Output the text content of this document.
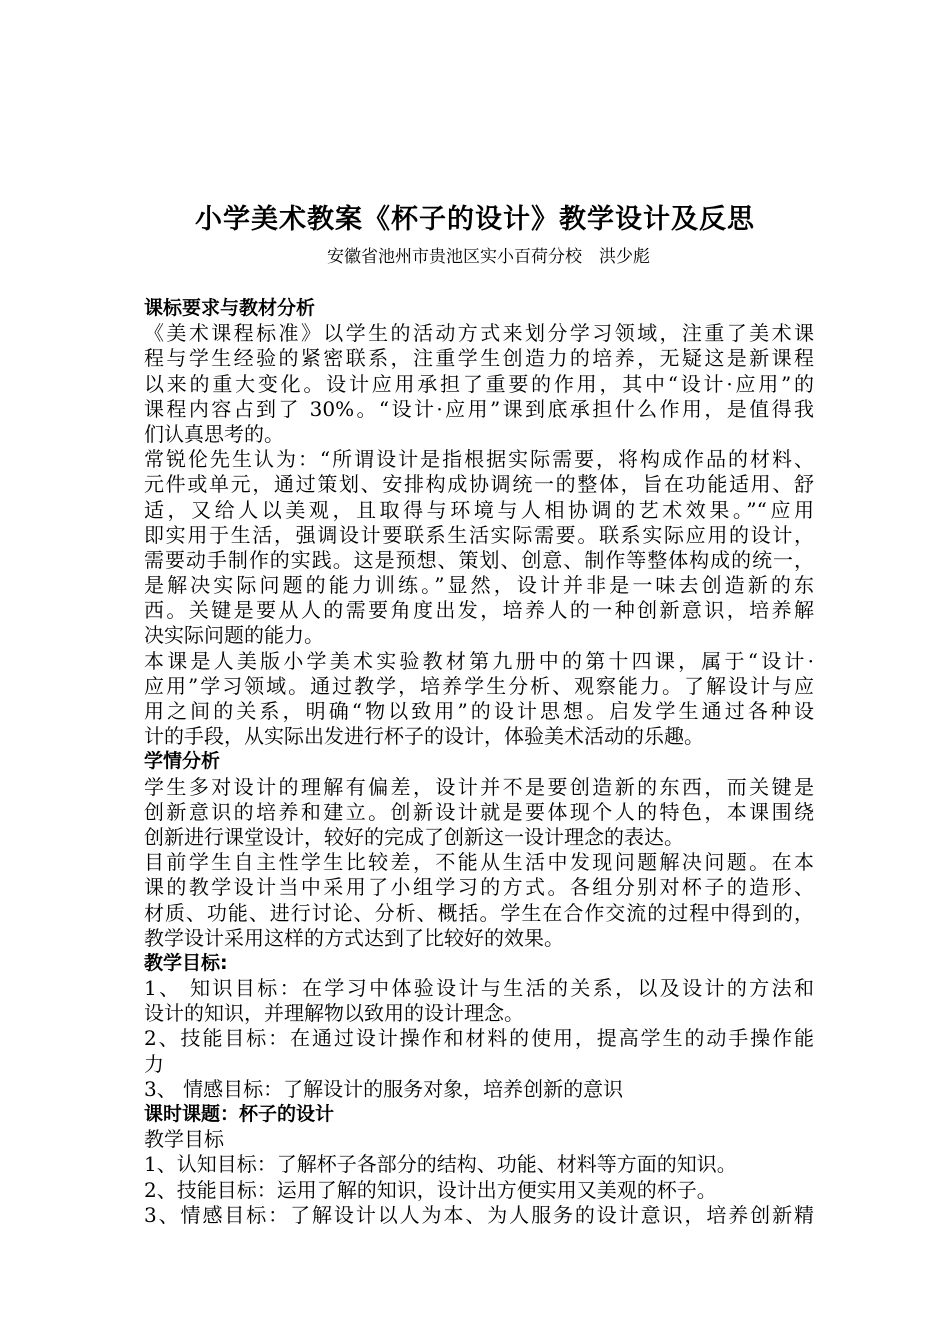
小学美术教案《杯子的设计》教学设计及反思
安徽省池州市贵池区实小百荷分校　洪少彪
课标要求与教材分析
《美术课程标准》以学生的活动方式来划分学习领域，注重了美术课
程与学生经验的紧密联系，注重学生创造力的培养，无疑这是新课程
以来的重大变化。设计应用承担了重要的作用，其中“设计·应用”的
课程内容占到了 30%。“设计·应用”课到底承担什么作用，是值得我
们认真思考的。
常锐伦先生认为：“所谓设计是指根据实际需要，将构成作品的材料、
元件或单元，通过策划、安排构成协调统一的整体，旨在功能适用、舒
适，又给人以美观，且取得与环境与人相协调的艺术效果。”“应用
即实用于生活，强调设计要联系生活实际需要。联系实际应用的设计，
需要动手制作的实践。这是预想、策划、创意、制作等整体构成的统一，
是解决实际问题的能力训练。”显然，设计并非是一味去创造新的东
西。关键是要从人的需要角度出发，培养人的一种创新意识，培养解
决实际问题的能力。
本课是人美版小学美术实验教材第九册中的第十四课，属于“设计·
应用”学习领域。通过教学，培养学生分析、观察能力。了解设计与应
用之间的关系，明确“物以致用”的设计思想。启发学生通过各种设
计的手段，从实际出发进行杯子的设计，体验美术活动的乐趣。
学情分析
学生多对设计的理解有偏差，设计并不是要创造新的东西，而关键是
创新意识的培养和建立。创新设计就是要体现个人的特色，本课围绕
创新进行课堂设计，较好的完成了创新这一设计理念的表达。
目前学生自主性学生比较差，不能从生活中发现问题解决问题。在本
课的教学设计当中采用了小组学习的方式。各组分别对杯子的造形、
材质、功能、进行讨论、分析、概括。学生在合作交流的过程中得到的，
教学设计采用这样的方式达到了比较好的效果。
教学目标:
1、 知识目标：在学习中体验设计与生活的关系，以及设计的方法和
设计的知识，并理解物以致用的设计理念。
2、技能目标：在通过设计操作和材料的使用，提高学生的动手操作能
力
3、 情感目标：了解设计的服务对象，培养创新的意识
课时课题：杯子的设计
教学目标
1、认知目标：了解杯子各部分的结构、功能、材料等方面的知识。
2、技能目标：运用了解的知识，设计出方便实用又美观的杯子。
3、情感目标：了解设计以人为本、为人服务的设计意识，培养创新精
